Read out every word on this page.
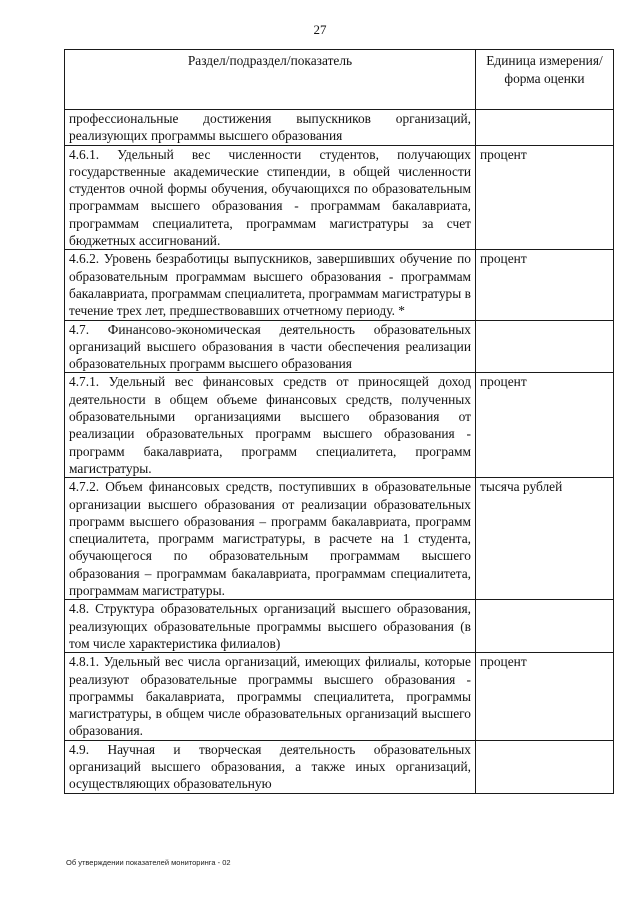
27
Раздел/подраздел/показатель	Единица измерения/ форма оценки
профессиональные достижения выпускников организаций, реализующих программы высшего образования	
4.6.1. Удельный вес численности студентов, получающих государственные академические стипендии, в общей численности студентов очной формы обучения, обучающихся по образовательным программам высшего образования - программам бакалавриата, программам специалитета, программам магистратуры за счет бюджетных ассигнований.	процент
4.6.2. Уровень безработицы выпускников, завершивших обучение по образовательным программам высшего образования - программам бакалавриата, программам специалитета, программам магистратуры в течение трех лет, предшествовавших отчетному периоду. *	процент
4.7. Финансово-экономическая деятельность образовательных организаций высшего образования в части обеспечения реализации образовательных программ высшего образования	
4.7.1. Удельный вес финансовых средств от приносящей доход деятельности в общем объеме финансовых средств, полученных образовательными организациями высшего образования от реализации образовательных программ высшего образования - программ бакалавриата, программ специалитета, программ магистратуры.	процент
4.7.2. Объем финансовых средств, поступивших в образовательные организации высшего образования от реализации образовательных программ высшего образования – программ бакалавриата, программ специалитета, программ магистратуры, в расчете на 1 студента, обучающегося по образовательным программам высшего образования – программам бакалавриата, программам специалитета, программам магистратуры.	тысяча рублей
4.8. Структура образовательных организаций высшего образования, реализующих образовательные программы высшего образования (в том числе характеристика филиалов)	
4.8.1. Удельный вес числа организаций, имеющих филиалы, которые реализуют образовательные программы высшего образования - программы бакалавриата, программы специалитета, программы магистратуры, в общем числе образовательных организаций высшего образования.	процент
4.9. Научная и творческая деятельность образовательных организаций высшего образования, а также иных организаций, осуществляющих образовательную	
Об утверждении показателей мониторинга - 02
